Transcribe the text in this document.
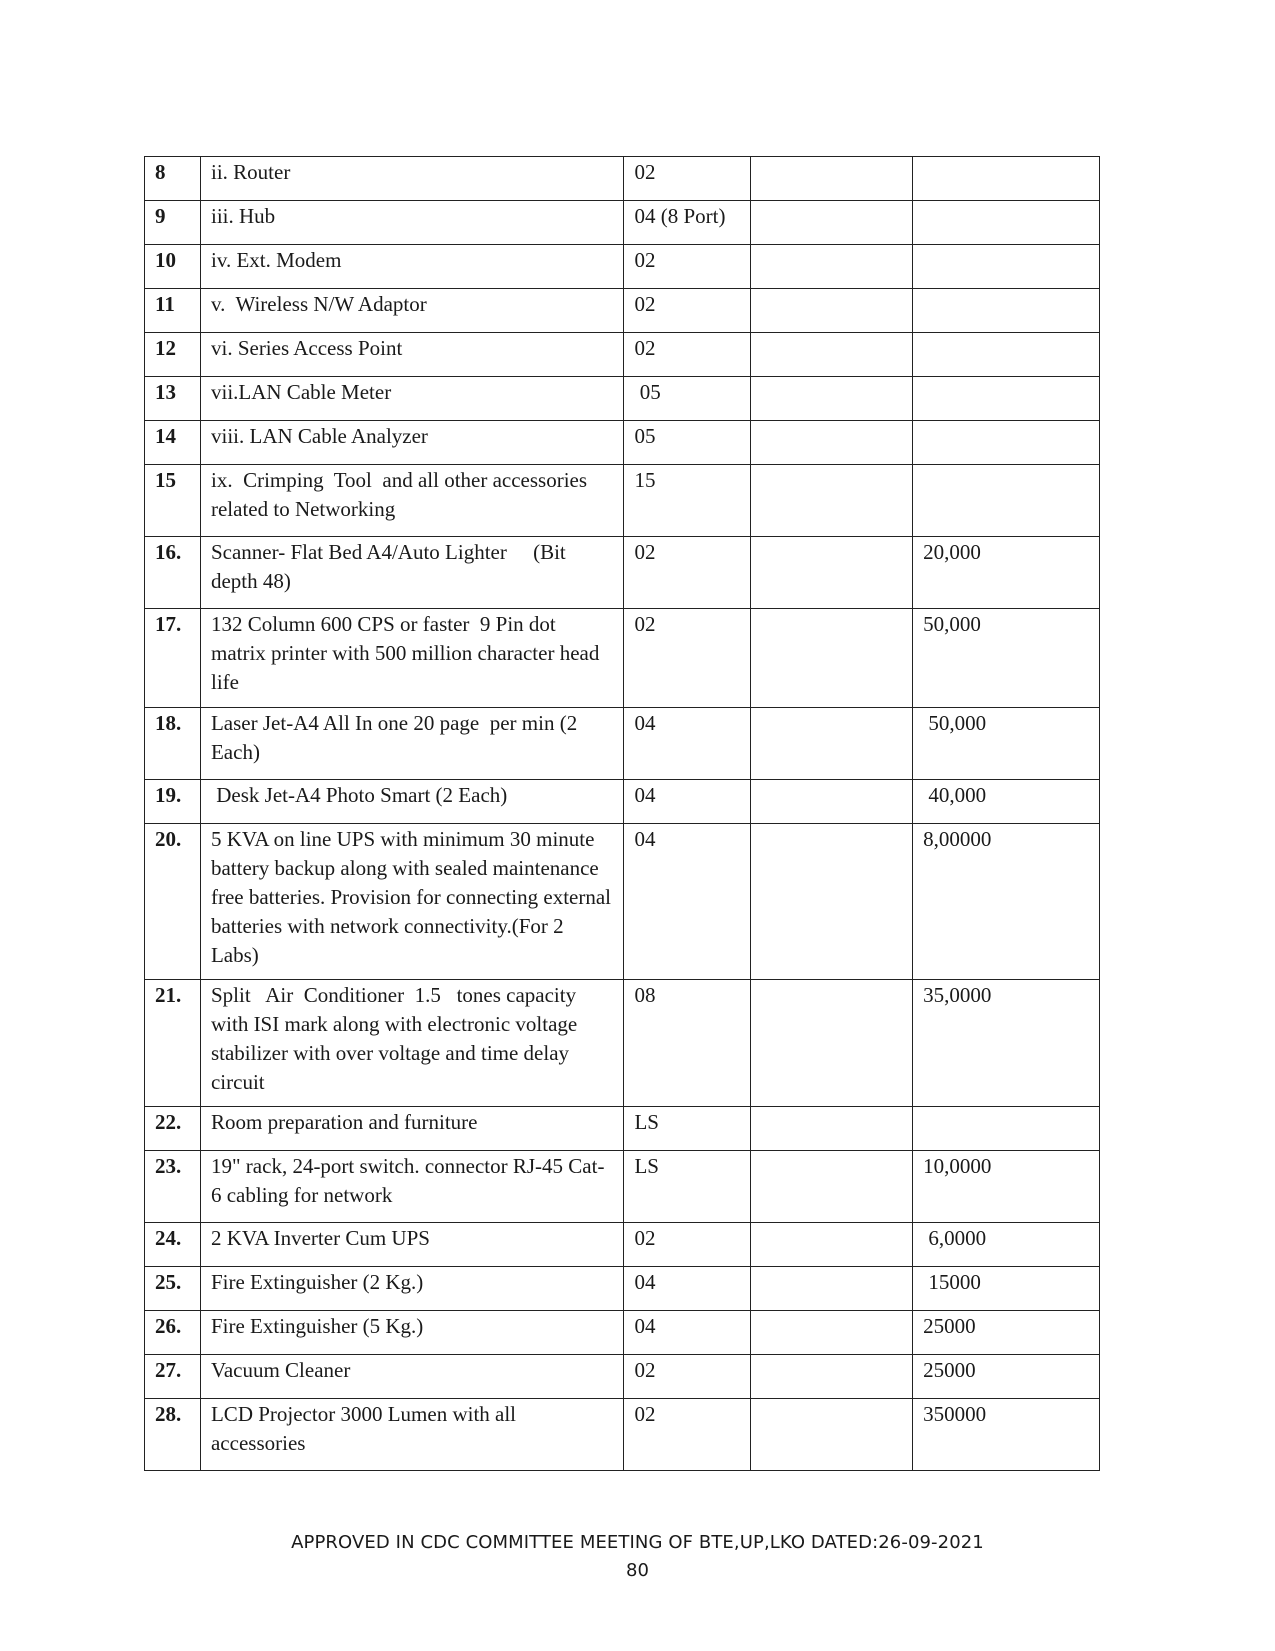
8	ii. Router	02		
9	iii. Hub	04 (8 Port)		
10	iv. Ext. Modem	02		
11	v.  Wireless N/W Adaptor	02		
12	vi. Series Access Point	02		
13	vii.LAN Cable Meter	05		
14	viii. LAN Cable Analyzer	05		
15	ix.  Crimping  Tool  and all other accessories related to Networking	15		
16.	Scanner- Flat Bed A4/Auto Lighter     (Bit depth 48)	02		20,000
17.	132 Column 600 CPS or faster  9 Pin dot matrix printer with 500 million character head life	02		50,000
18.	Laser Jet-A4 All In one 20 page  per min (2 Each)	04		50,000
19.	Desk Jet-A4 Photo Smart (2 Each)	04		40,000
20.	5 KVA on line UPS with minimum 30 minute battery backup along with sealed maintenance free batteries. Provision for connecting external batteries with network connectivity.(For 2 Labs)	04		8,00000
21.	Split   Air  Conditioner  1.5   tones capacity with ISI mark along with electronic voltage stabilizer with over voltage and time delay circuit	08		35,0000
22.	Room preparation and furniture	LS		
23.	19" rack, 24-port switch. connector RJ-45 Cat-6 cabling for network	LS		10,0000
24.	2 KVA Inverter Cum UPS	02		6,0000
25.	Fire Extinguisher (2 Kg.)	04		15000
26.	Fire Extinguisher (5 Kg.)	04		25000
27.	Vacuum Cleaner	02		25000
28.	LCD Projector 3000 Lumen with all accessories	02		350000
APPROVED IN CDC COMMITTEE MEETING OF BTE,UP,LKO DATED:26-09-2021
80
